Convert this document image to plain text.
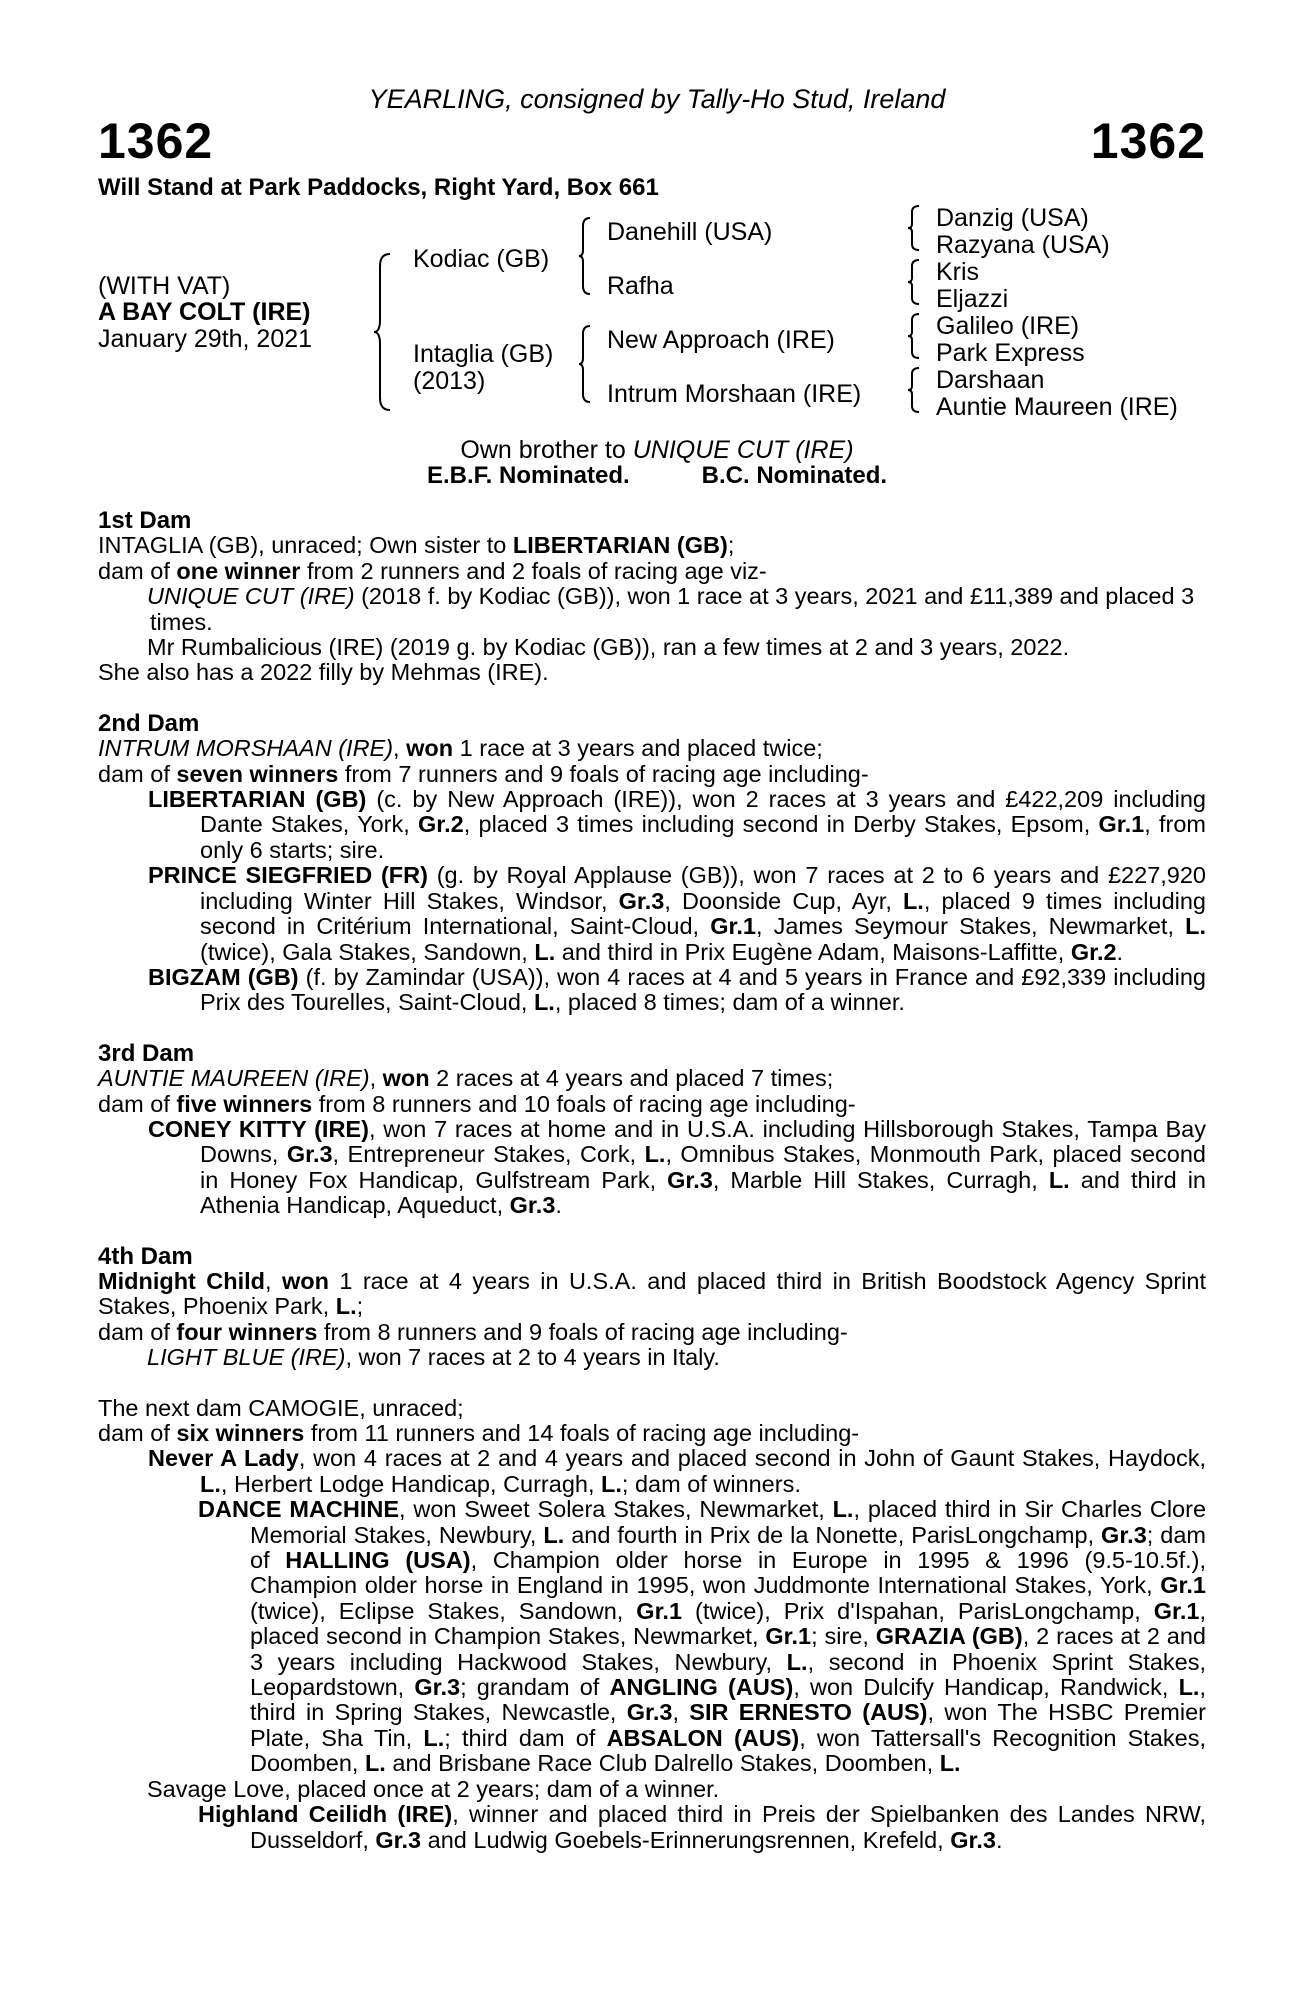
YEARLING, consigned by Tally-Ho Stud, Ireland
1362	1362
Will Stand at Park Paddocks, Right Yard, Box 661
(WITH VAT)
A BAY COLT (IRE)
January 29th, 2021
Kodiac (GB)
Intaglia (GB)
(2013)
Danehill (USA)
Rafha
New Approach (IRE)
Intrum Morshaan (IRE)
Danzig (USA)
Razyana (USA)
Kris
Eljazzi
Galileo (IRE)
Park Express
Darshaan
Auntie Maureen (IRE)
Own brother to UNIQUE CUT (IRE)
E.B.F. Nominated.	B.C. Nominated.

1st Dam

INTAGLIA (GB), unraced; Own sister to LIBERTARIAN (GB);

dam of one winner from 2 runners and 2 foals of racing age viz-

UNIQUE CUT (IRE) (2018 f. by Kodiac (GB)), won 1 race at 3 years, 2021 and £11,389 and placed 3 times.

Mr Rumbalicious (IRE) (2019 g. by Kodiac (GB)), ran a few times at 2 and 3 years, 2022.

She also has a 2022 filly by Mehmas (IRE).

2nd Dam

INTRUM MORSHAAN (IRE), won 1 race at 3 years and placed twice;

dam of seven winners from 7 runners and 9 foals of racing age including-

LIBERTARIAN (GB) (c. by New Approach (IRE)), won 2 races at 3 years and £422,209 including Dante Stakes, York, Gr.2, placed 3 times including second in Derby Stakes, Epsom, Gr.1, from only 6 starts; sire.

PRINCE SIEGFRIED (FR) (g. by Royal Applause (GB)), won 7 races at 2 to 6 years and £227,920 including Winter Hill Stakes, Windsor, Gr.3, Doonside Cup, Ayr, L., placed 9 times including second in Critérium International, Saint-Cloud, Gr.1, James Seymour Stakes, Newmarket, L. (twice), Gala Stakes, Sandown, L. and third in Prix Eugène Adam, Maisons-Laffitte, Gr.2.

BIGZAM (GB) (f. by Zamindar (USA)), won 4 races at 4 and 5 years in France and £92,339 including Prix des Tourelles, Saint-Cloud, L., placed 8 times; dam of a winner.

3rd Dam

AUNTIE MAUREEN (IRE), won 2 races at 4 years and placed 7 times;

dam of five winners from 8 runners and 10 foals of racing age including-

CONEY KITTY (IRE), won 7 races at home and in U.S.A. including Hillsborough Stakes, Tampa Bay Downs, Gr.3, Entrepreneur Stakes, Cork, L., Omnibus Stakes, Monmouth Park, placed second in Honey Fox Handicap, Gulfstream Park, Gr.3, Marble Hill Stakes, Curragh, L. and third in Athenia Handicap, Aqueduct, Gr.3.

4th Dam

Midnight Child, won 1 race at 4 years in U.S.A. and placed third in British Boodstock Agency Sprint Stakes, Phoenix Park, L.;

dam of four winners from 8 runners and 9 foals of racing age including-

LIGHT BLUE (IRE), won 7 races at 2 to 4 years in Italy.

The next dam CAMOGIE, unraced;

dam of six winners from 11 runners and 14 foals of racing age including-

Never A Lady, won 4 races at 2 and 4 years and placed second in John of Gaunt Stakes, Haydock, L., Herbert Lodge Handicap, Curragh, L.; dam of winners.

DANCE MACHINE, won Sweet Solera Stakes, Newmarket, L., placed third in Sir Charles Clore Memorial Stakes, Newbury, L. and fourth in Prix de la Nonette, ParisLongchamp, Gr.3; dam of HALLING (USA), Champion older horse in Europe in 1995 & 1996 (9.5-10.5f.), Champion older horse in England in 1995, won Juddmonte International Stakes, York, Gr.1 (twice), Eclipse Stakes, Sandown, Gr.1 (twice), Prix d'Ispahan, ParisLongchamp, Gr.1, placed second in Champion Stakes, Newmarket, Gr.1; sire, GRAZIA (GB), 2 races at 2 and 3 years including Hackwood Stakes, Newbury, L., second in Phoenix Sprint Stakes, Leopardstown, Gr.3; grandam of ANGLING (AUS), won Dulcify Handicap, Randwick, L., third in Spring Stakes, Newcastle, Gr.3, SIR ERNESTO (AUS), won The HSBC Premier Plate, Sha Tin, L.; third dam of ABSALON (AUS), won Tattersall's Recognition Stakes, Doomben, L. and Brisbane Race Club Dalrello Stakes, Doomben, L.

Savage Love, placed once at 2 years; dam of a winner.

Highland Ceilidh (IRE), winner and placed third in Preis der Spielbanken des Landes NRW, Dusseldorf, Gr.3 and Ludwig Goebels-Erinnerungsrennen, Krefeld, Gr.3.
